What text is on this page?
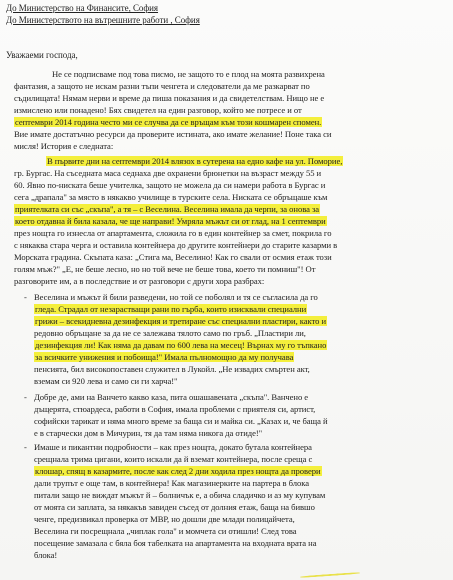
До Министерство на Финансите, София
До Министерството на вътрешните работи , София
Уважаеми господа,
Не се подписваме под това писмо, не защото то е плод на моята развихрена
фантазия, а защото не искам разни тъпи ченгета и следователи да ме разкарват по
съдилищата! Нямам нерви и време да пиша показания и да свидетелствам. Нищо не е
измислено или понадено! Бях свидетел на един разговор, който ме потресе и от
септември 2014 година често ми се случва да се връщам към този кошмарен спомен.
Вие имате достатъчно ресурси да проверите истината, ако имате желание! Поне така си
мисля! История е следната:
В първите дни на септември 2014 влязох в сутерена на едно кафе на ул. Поморие,
гр. Бургас. На съседната маса седнаха две охранени брюнетки на възраст между 55 и
60. Явно по-ниската беше учителка, защото не можела да си намери работа в Бургас и
сега „драпала" за място в някакво училище в турските села. Ниската се обръщаше към
приятелката си със „скъпа", а тя – с Веселина. Веселина имала да черпи, за онова за
което отдавна й била казала, че ще направи! Умряла мъжът си от глад, на 1 септември
през нощта го изнесла от апартамента, сложила го в един контейнер за смет, покрила го
с някаква стара черга и оставила контейнера до другите контейнери до старите казарми в
Морската градина. Скъпата каза: „Стига ма, Веселино! Как го свали от осмия етаж този
голям мъж?" „Е, не беше лесно, но но той вече не беше това, което ти помниш"! От
разговорите им, а в последствие и от разговори с други хора разбрах:
- Веселина и мъжът й били разведени, но той се поболял и тя се съгласила да го
гледа. Страдал от незарастващи рани по гърба, които изисквали специални
грижи – всекидневна дезинфекция и третиране със специални пластири, както и
редовно обръщане за да не се залежава тялото само по гръб. „Пластири ли,
дезинфекция ли! Как няма да давам по 600 лева на месец! Върнах му го тъпкано
за всичките унижения и побоища!" Имала пълномощно да му получава
пенсията, бил високопоставен служител в Лукойл. „Не извадих смъртен акт,
вземам си 920 лева и само си ги харча!"
- Добре де, ами на Ванчето какво каза, пита ошашавената „скъпа". Ванчено е
дъщерята, стюардеса, работи в София, имала проблеми с приятеля си, артист,
софийски тарикат и няма много време за баща си и майка си. „Казах и, че баща й
е в старчески дом в Мичурин, тя да там няма никога да отиде!"
- Имаше и пикантни подробности – как през нощта, докато бутала контейнера
срещнала трима цигани, които искали да й вземат контейнера, после среща с
клошар, спящ в казармите, после как след 2 дни ходила през нощта да провери
дали трупът е още там, в контейнера! Как магазинерките на партера в блока
питали защо не виждат мъжът й – болничък е, а обича сладичко и аз му купувам
от моята си заплата, за някакъв завиден съсед от долния етаж, баща на бившо
ченге, предизвикал проверка от МВР, но дошли две млади полицайчета,
Веселина ги посрещнала „чиплак гола" и момчета си отишли! След това
посещение замазала с бяла боя табелката на апартамента на входната врата на
блока!
